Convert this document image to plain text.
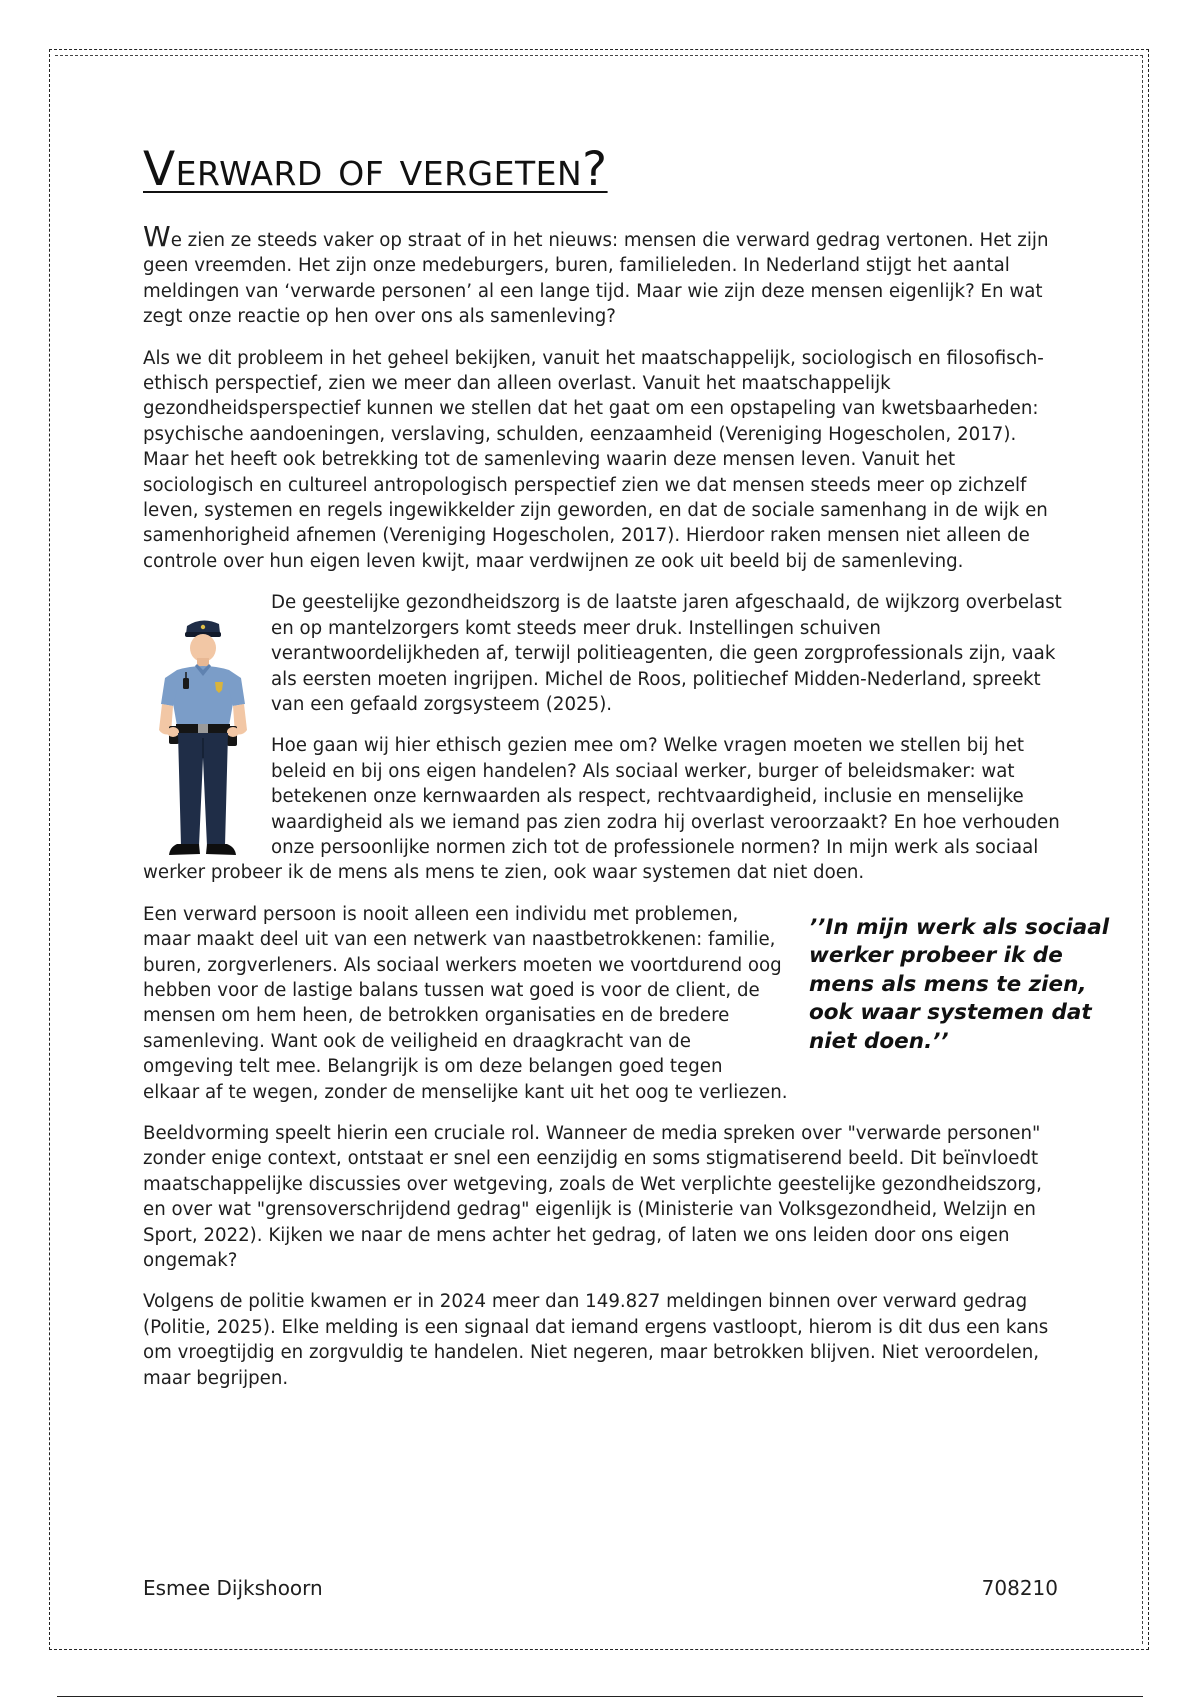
Verward of vergeten?

We zien ze steeds vaker op straat of in het nieuws: mensen die verward gedrag vertonen. Het zijn geen vreemden. Het zijn onze medeburgers, buren, familieleden. In Nederland stijgt het aantal meldingen van ‘verwarde personen’ al een lange tijd. Maar wie zijn deze mensen eigenlijk? En wat zegt onze reactie op hen over ons als samenleving?

Als we dit probleem in het geheel bekijken, vanuit het maatschappelijk, sociologisch en filosofisch-ethisch perspectief, zien we meer dan alleen overlast. Vanuit het maatschappelijk gezondheidsperspectief kunnen we stellen dat het gaat om een opstapeling van kwetsbaarheden: psychische aandoeningen, verslaving, schulden, eenzaamheid (Vereniging Hogescholen, 2017). Maar het heeft ook betrekking tot de samenleving waarin deze mensen leven. Vanuit het sociologisch en cultureel antropologisch perspectief zien we dat mensen steeds meer op zichzelf leven, systemen en regels ingewikkelder zijn geworden, en dat de sociale samenhang in de wijk en samenhorigheid afnemen (Vereniging Hogescholen, 2017). Hierdoor raken mensen niet alleen de controle over hun eigen leven kwijt, maar verdwijnen ze ook uit beeld bij de samenleving.

De geestelijke gezondheidszorg is de laatste jaren afgeschaald, de wijkzorg overbelast en op mantelzorgers komt steeds meer druk. Instellingen schuiven verantwoordelijkheden af, terwijl politieagenten, die geen zorgprofessionals zijn, vaak als eersten moeten ingrijpen. Michel de Roos, politiechef Midden-Nederland, spreekt van een gefaald zorgsysteem (2025).

Hoe gaan wij hier ethisch gezien mee om? Welke vragen moeten we stellen bij het beleid en bij ons eigen handelen? Als sociaal werker, burger of beleidsmaker: wat betekenen onze kernwaarden als respect, rechtvaardigheid, inclusie en menselijke waardigheid als we iemand pas zien zodra hij overlast veroorzaakt? En hoe verhouden onze persoonlijke normen zich tot de professionele normen? In mijn werk als sociaal werker probeer ik de mens als mens te zien, ook waar systemen dat niet doen.

’’In mijn werk als sociaal werker probeer ik de mens als mens te zien, ook waar systemen dat niet doen.’’
Een verward persoon is nooit alleen een individu met problemen, maar maakt deel uit van een netwerk van naastbetrokkenen: familie, buren, zorgverleners. Als sociaal werkers moeten we voortdurend oog hebben voor de lastige balans tussen wat goed is voor de client, de mensen om hem heen, de betrokken organisaties en de bredere samenleving. Want ook de veiligheid en draagkracht van de omgeving telt mee. Belangrijk is om deze belangen goed tegen elkaar af te wegen, zonder de menselijke kant uit het oog te verliezen.

Beeldvorming speelt hierin een cruciale rol. Wanneer de media spreken over "verwarde personen" zonder enige context, ontstaat er snel een eenzijdig en soms stigmatiserend beeld. Dit beïnvloedt maatschappelijke discussies over wetgeving, zoals de Wet verplichte geestelijke gezondheidszorg, en over wat "grensoverschrijdend gedrag" eigenlijk is (Ministerie van Volksgezondheid, Welzijn en Sport, 2022). Kijken we naar de mens achter het gedrag, of laten we ons leiden door ons eigen ongemak?

Volgens de politie kwamen er in 2024 meer dan 149.827 meldingen binnen over verward gedrag (Politie, 2025). Elke melding is een signaal dat iemand ergens vastloopt, hierom is dit dus een kans om vroegtijdig en zorgvuldig te handelen. Niet negeren, maar betrokken blijven. Niet veroordelen, maar begrijpen.

Esmee Dijkshoorn	708210
